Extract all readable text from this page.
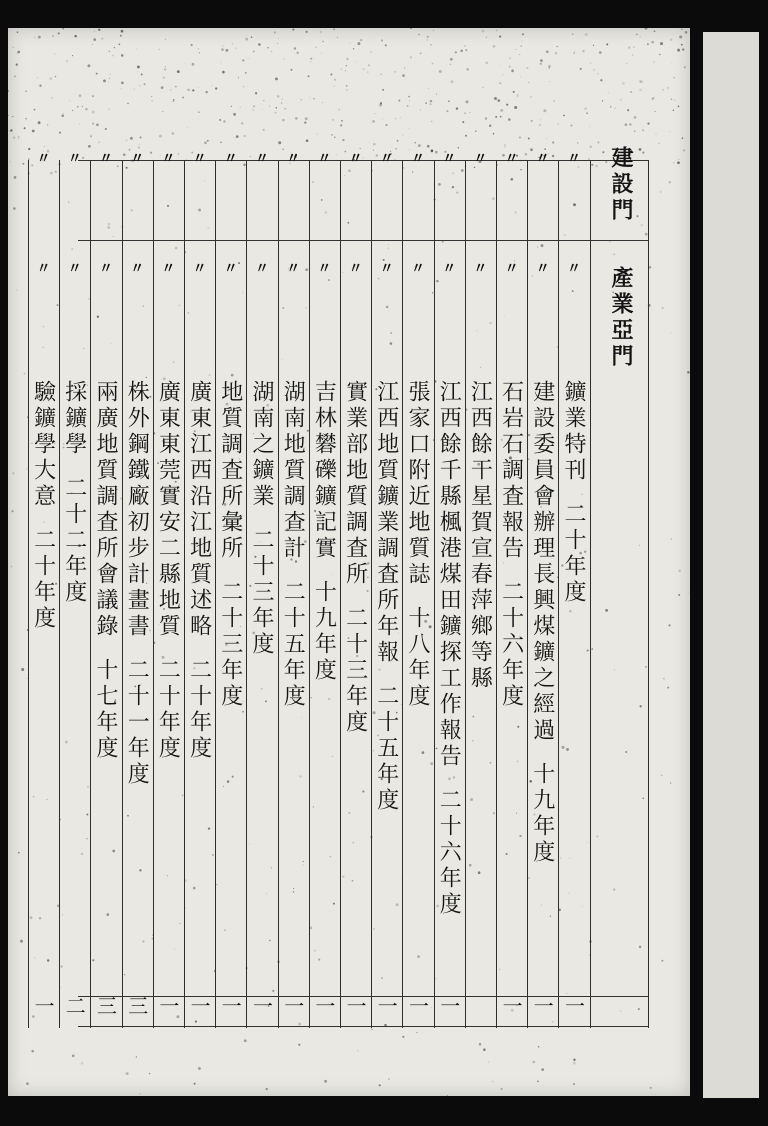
建設門
產業亞門
〃
〃
鑛業特刊
二十年度
一
〃
〃
建設委員會辦理長興煤鑛之經過
十九年度
一
〃
〃
石岩石調査報告
二十六年度
一
〃
〃
江西餘干星賀宣春萍鄉等縣
〃
〃
江西餘千縣楓港煤田鑛探工作報告
二十六年度
一
〃
〃
張家口附近地質誌
十八年度
一
〃
〃
江西地質鑛業調査所年報
二十五年度
一
〃
〃
實業部地質調査所
二十三年度
一
〃
〃
吉林礬礫鑛記實
十九年度
一
〃
〃
湖南地質調查計
二十五年度
一
〃
〃
湖南之鑛業
二十三年度
一
〃
〃
地質調査所彙所
二十三年度
一
〃
〃
廣東江西沿江地質述略
二十年度
一
〃
〃
廣東東莞實安二縣地質
二十年度
一
〃
〃
株外鋼鐵廠初步計畫書
二十一年度
三
〃
〃
兩廣地質調査所會議錄
十七年度
三
〃
〃
採鑛學
二十二年度
二
〃
〃
驗鑛學大意
二十年度
一
